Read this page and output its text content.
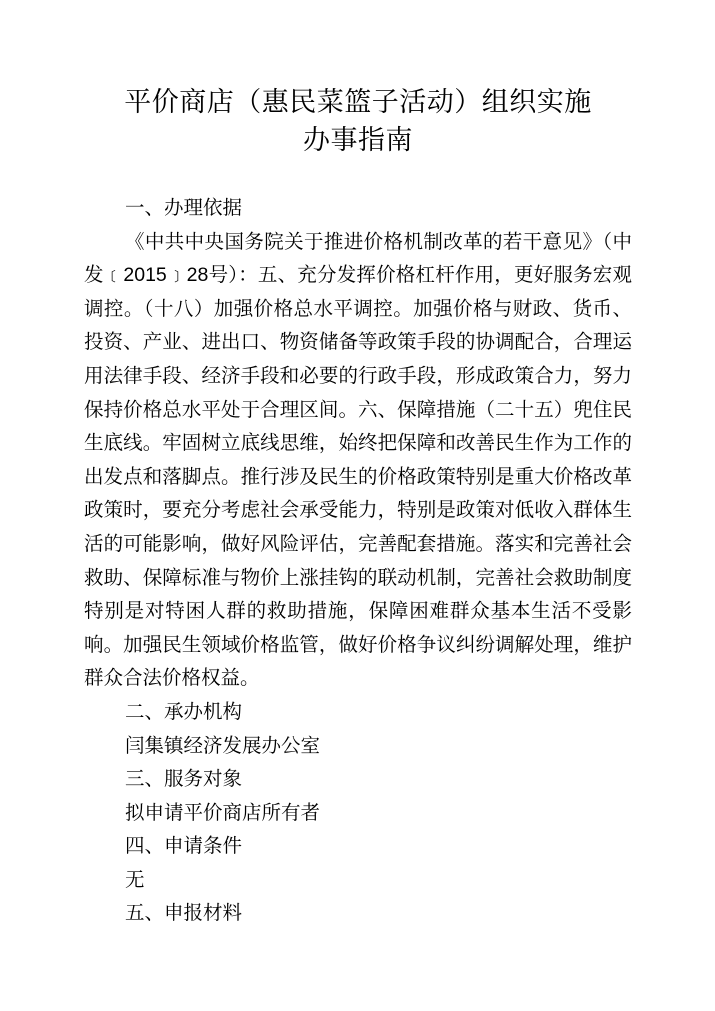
平价商店（惠民菜篮子活动）组织实施
办事指南

一、办理依据

《中共中央国务院关于推进价格机制改革的若干意见》（中发﹝2015﹞28号）：五、充分发挥价格杠杆作用，更好服务宏观调控。（十八）加强价格总水平调控。加强价格与财政、货币、投资、产业、进出口、物资储备等政策手段的协调配合，合理运用法律手段、经济手段和必要的行政手段，形成政策合力，努力保持价格总水平处于合理区间。六、保障措施（二十五）兜住民生底线。牢固树立底线思维，始终把保障和改善民生作为工作的出发点和落脚点。推行涉及民生的价格政策特别是重大价格改革政策时，要充分考虑社会承受能力，特别是政策对低收入群体生活的可能影响，做好风险评估，完善配套措施。落实和完善社会救助、保障标准与物价上涨挂钩的联动机制，完善社会救助制度特别是对特困人群的救助措施，保障困难群众基本生活不受影响。加强民生领域价格监管，做好价格争议纠纷调解处理，维护群众合法价格权益。

二、承办机构

闫集镇经济发展办公室

三、服务对象

拟申请平价商店所有者

四、申请条件

无

五、申报材料
